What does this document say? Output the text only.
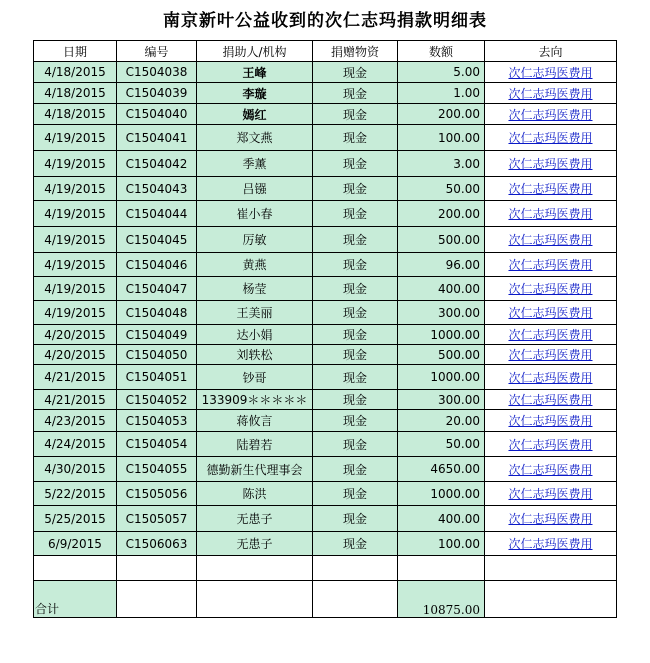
南京新叶公益收到的次仁志玛捐款明细表
日期	编号	捐助人/机构	捐赠物资	数额	去向
4/18/2015	C1504038	王峰	现金	5.00	次仁志玛医费用
4/18/2015	C1504039	李璇	现金	1.00	次仁志玛医费用
4/18/2015	C1504040	嫣红	现金	200.00	次仁志玛医费用
4/19/2015	C1504041	郑文燕	现金	100.00	次仁志玛医费用
4/19/2015	C1504042	季薰	现金	3.00	次仁志玛医费用
4/19/2015	C1504043	吕镪	现金	50.00	次仁志玛医费用
4/19/2015	C1504044	崔小春	现金	200.00	次仁志玛医费用
4/19/2015	C1504045	厉敏	现金	500.00	次仁志玛医费用
4/19/2015	C1504046	黄燕	现金	96.00	次仁志玛医费用
4/19/2015	C1504047	杨莹	现金	400.00	次仁志玛医费用
4/19/2015	C1504048	王美丽	现金	300.00	次仁志玛医费用
4/20/2015	C1504049	达小娟	现金	1000.00	次仁志玛医费用
4/20/2015	C1504050	刘轶松	现金	500.00	次仁志玛医费用
4/21/2015	C1504051	钞哥	现金	1000.00	次仁志玛医费用
4/21/2015	C1504052	133909＊＊＊＊＊	现金	300.00	次仁志玛医费用
4/23/2015	C1504053	蒋攸言	现金	20.00	次仁志玛医费用
4/24/2015	C1504054	陆碧若	现金	50.00	次仁志玛医费用
4/30/2015	C1504055	德勤新生代理事会	现金	4650.00	次仁志玛医费用
5/22/2015	C1505056	陈洪	现金	1000.00	次仁志玛医费用
5/25/2015	C1505057	无患子	现金	400.00	次仁志玛医费用
6/9/2015	C1506063	无患子	现金	100.00	次仁志玛医费用

合计				10875.00	
